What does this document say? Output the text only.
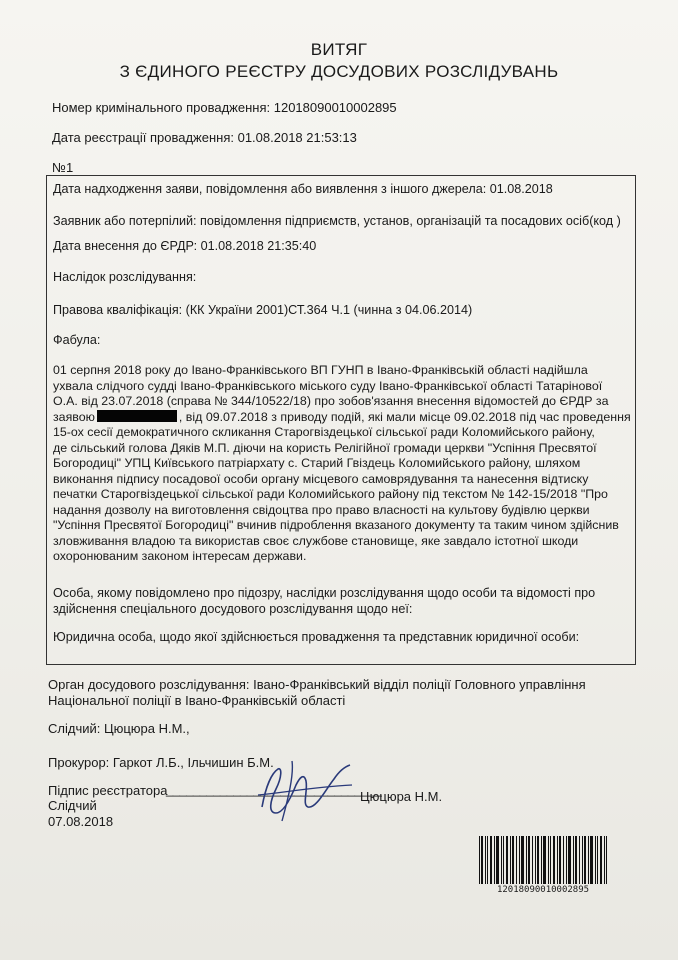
ВИТЯГ
З ЄДИНОГО РЕЄСТРУ ДОСУДОВИХ РОЗСЛІДУВАНЬ
Номер кримінального провадження: 12018090010002895
Дата реєстрації провадження: 01.08.2018 21:53:13
№1
Дата надходження заяви, повідомлення або виявлення з іншого джерела: 01.08.2018
Заявник або потерпілий: повідомлення підприємств, установ, організацій та посадових осіб(код )
Дата внесення до ЄРДР: 01.08.2018 21:35:40
Наслідок розслідування:
Правова кваліфікація: (КК України 2001)СТ.364 Ч.1 (чинна з 04.06.2014)
Фабула:
01 серпня 2018 року до Івано-Франківського ВП ГУНП в Івано-Франківській області надійшла
ухвала слідчого судді Івано-Франківського міського суду Івано-Франківської області Татарінової
О.А. від 23.07.2018 (справа № 344/10522/18) про зобов'язання внесення відомостей до ЄРДР за
заявою	, від 09.07.2018 з приводу подій, які мали місце 09.02.2018 під час проведення
15-ох сесії демократичного скликання Старогвіздецької сільської ради Коломийського району,
де сільський голова Дяків М.П. діючи на користь Релігійної громади церкви "Успіння Пресвятої
Богородиці" УПЦ Київського патріархату с. Старий Гвіздець Коломийського району, шляхом
виконання підпису посадової особи органу місцевого самоврядування та нанесення відтиску
печатки Старогвіздецької сільської ради Коломийського району під текстом № 142-15/2018 "Про
надання дозволу на виготовлення свідоцтва про право власності на культову будівлю церкви
"Успіння Пресвятої Богородиці" вчинив підроблення вказаного документу та таким чином здійснив
зловживання владою та використав своє службове становище, яке завдало істотної шкоди
охоронюваним законом інтересам держави.
Особа, якому повідомлено про підозру, наслідки розслідування щодо особи та відомості про
здійснення спеціального досудового розслідування щодо неї:
Юридична особа, щодо якої здійснюється провадження та представник юридичної особи:
Орган досудового розслідування: Івано-Франківський відділ поліції Головного управління
Національної поліції в Івано-Франківській області
Слідчий: Цюцюра Н.М.,
Прокурор: Гаркот Л.Б., Ільчишин Б.М.
Підпис реєстратора
________________________________
Цюцюра Н.М.
Слідчий
07.08.2018
12018090010002895
